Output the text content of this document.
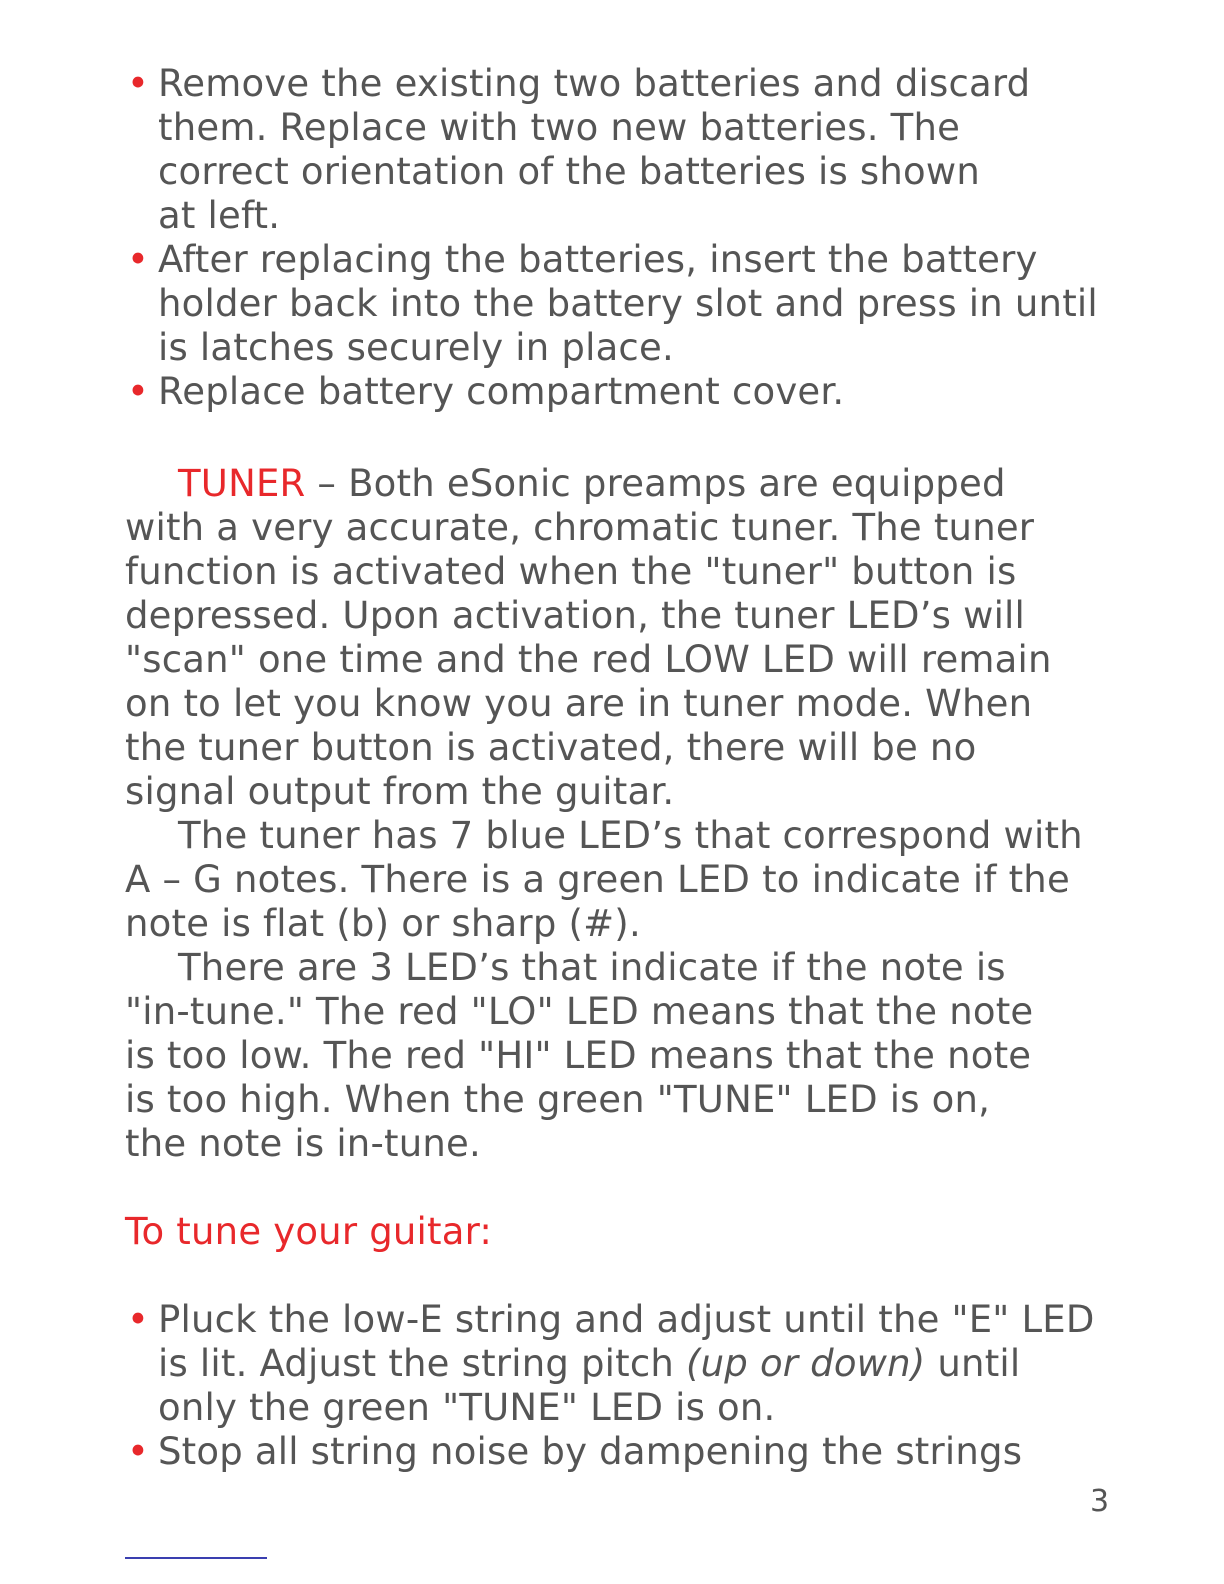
• Remove the existing two batteries and discard
them. Replace with two new batteries. The
correct orientation of the batteries is shown
at left.
• After replacing the batteries, insert the battery
holder back into the battery slot and press in until
is latches securely in place.
• Replace battery compartment cover.

TUNER – Both eSonic preamps are equipped

with a very accurate, chromatic tuner. The tuner
function is activated when the "tuner" button is
depressed. Upon activation, the tuner LED’s will
"scan" one time and the red LOW LED will remain
on to let you know you are in tuner mode. When
the tuner button is activated, there will be no
signal output from the guitar.

The tuner has 7 blue LED’s that correspond with

A – G notes. There is a green LED to indicate if the
note is flat (b) or sharp (#).

There are 3 LED’s that indicate if the note is

"in-tune." The red "LO" LED means that the note
is too low. The red "HI" LED means that the note
is too high. When the green "TUNE" LED is on,
the note is in-tune.

To tune your guitar:

• Pluck the low-E string and adjust until the "E" LED
is lit. Adjust the string pitch (up or down) until
only the green "TUNE" LED is on.
• Stop all string noise by dampening the strings
3
